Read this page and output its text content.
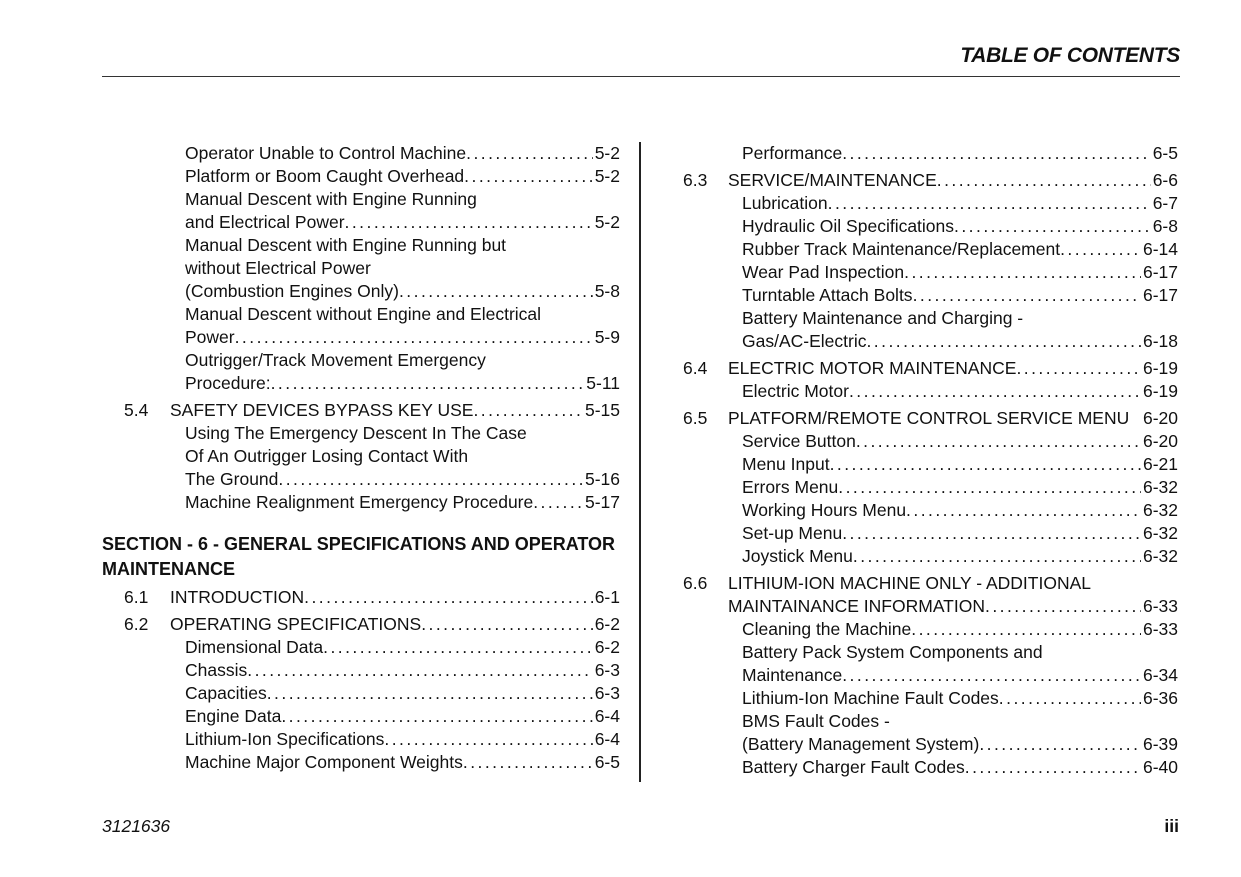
TABLE OF CONTENTS
Operator Unable to Control Machine . . .	5-2
Platform or Boom Caught Overhead . . .	5-2
Manual Descent with Engine Running
and Electrical Power . . .	5-2
Manual Descent with Engine Running but
without Electrical Power
(Combustion Engines Only) . . .	5-8
Manual Descent without Engine and Electrical
Power . . .	5-9
Outrigger/Track Movement Emergency
Procedure: . . .	5-11
5.4 SAFETY DEVICES BYPASS KEY USE . . .	5-15
Using The Emergency Descent In The Case
Of An Outrigger Losing Contact With
The Ground . . .	5-16
Machine Realignment Emergency Procedure . . .	5-17
SECTION - 6 - GENERAL SPECIFICATIONS AND OPERATOR MAINTENANCE
6.1 INTRODUCTION . . .	6-1
6.2 OPERATING SPECIFICATIONS . . .	6-2
Dimensional Data . . .	6-2
Chassis . . .	6-3
Capacities . . .	6-3
Engine Data . . .	6-4
Lithium-Ion Specifications . . .	6-4
Machine Major Component Weights . . .	6-5
Performance . . .	6-5
6.3 SERVICE/MAINTENANCE . . .	6-6
Lubrication . . .	6-7
Hydraulic Oil Specifications . . .	6-8
Rubber Track Maintenance/Replacement . . .	6-14
Wear Pad Inspection . . .	6-17
Turntable Attach Bolts . . .	6-17
Battery Maintenance and Charging -
Gas/AC-Electric . . .	6-18
6.4 ELECTRIC MOTOR MAINTENANCE . . .	6-19
Electric Motor . . .	6-19
6.5 PLATFORM/REMOTE CONTROL SERVICE MENU 6-20
Service Button . . .	6-20
Menu Input . . .	6-21
Errors Menu . . .	6-32
Working Hours Menu . . .	6-32
Set-up Menu . . .	6-32
Joystick Menu . . .	6-32
6.6 LITHIUM-ION MACHINE ONLY - ADDITIONAL
MAINTAINANCE INFORMATION . . .	6-33
Cleaning the Machine . . .	6-33
Battery Pack System Components and
Maintenance . . .	6-34
Lithium-Ion Machine Fault Codes . . .	6-36
BMS Fault Codes -
(Battery Management System) . . .	6-39
Battery Charger Fault Codes . . .	6-40
3121636	iii
